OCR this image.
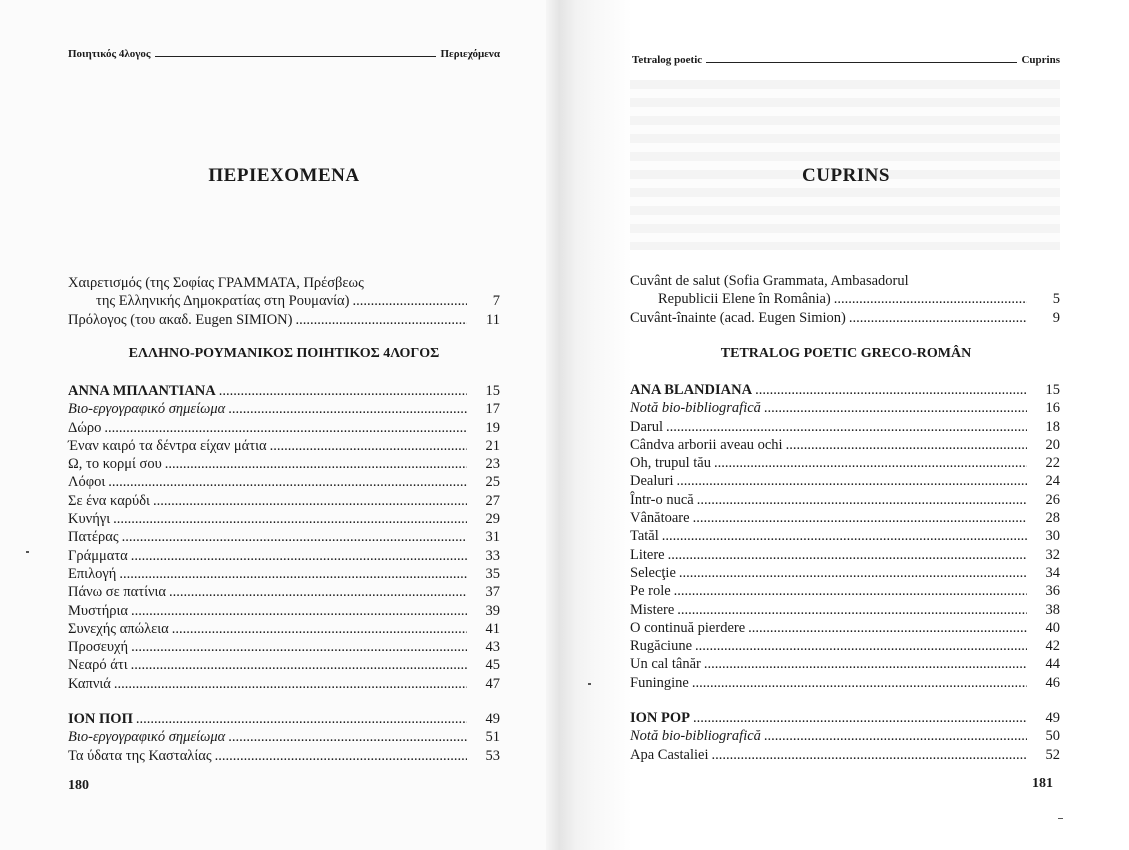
Ποιητικός 4λογος	Περιεχόμενα
ΠΕΡΙΕΧΟΜΕΝΑ
Χαιρετισμός (της Σοφίας ΓΡΑΜΜΑΤΑ, Πρέσβεως
της Ελληνικής Δημοκρατίας στη Ρουμανία) .....	7
Πρόλογος (του ακαδ. Eugen SIMION) .....	11
ΕΛΛΗΝΟ-ΡΟΥΜΑΝΙΚΟΣ ΠΟΙΗΤΙΚΟΣ 4ΛΟΓΟΣ
ΑΝΝΑ ΜΠΛΑΝΤΙΑΝΑ .....	15
Βιο-εργογραφικό σημείωμα .....	17
Δώρο .....	19
Έναν καιρό τα δέντρα είχαν μάτια .....	21
Ω, το κορμί σου .....	23
Λόφοι .....	25
Σε ένα καρύδι .....	27
Κυνήγι .....	29
Πατέρας .....	31
Γράμματα .....	33
Επιλογή .....	35
Πάνω σε πατίνια .....	37
Μυστήρια .....	39
Συνεχής απώλεια .....	41
Προσευχή .....	43
Νεαρό άτι .....	45
Καπνιά .....	47
ΙΟΝ ΠΟΠ .....	49
Βιο-εργογραφικό σημείωμα .....	51
Τα ύδατα της Κασταλίας .....	53
180
Tetralog poetic	Cuprins
CUPRINS
Cuvânt de salut (Sofia Grammata, Ambasadorul
Republicii Elene în România) .....	5
Cuvânt-înainte (acad. Eugen Simion) .....	9
TETRALOG POETIC GRECO-ROMÂN
ANA BLANDIANA .....	15
Notă bio-bibliografică .....	16
Darul .....	18
Cândva arborii aveau ochi .....	20
Oh, trupul tău .....	22
Dealuri .....	24
Într-o nucă .....	26
Vânătoare .....	28
Tatăl .....	30
Litere .....	32
Selecţie .....	34
Pe role .....	36
Mistere .....	38
O continuă pierdere .....	40
Rugăciune .....	42
Un cal tânăr .....	44
Funingine .....	46
ION POP .....	49
Notă bio-bibliografică .....	50
Apa Castaliei .....	52
181
